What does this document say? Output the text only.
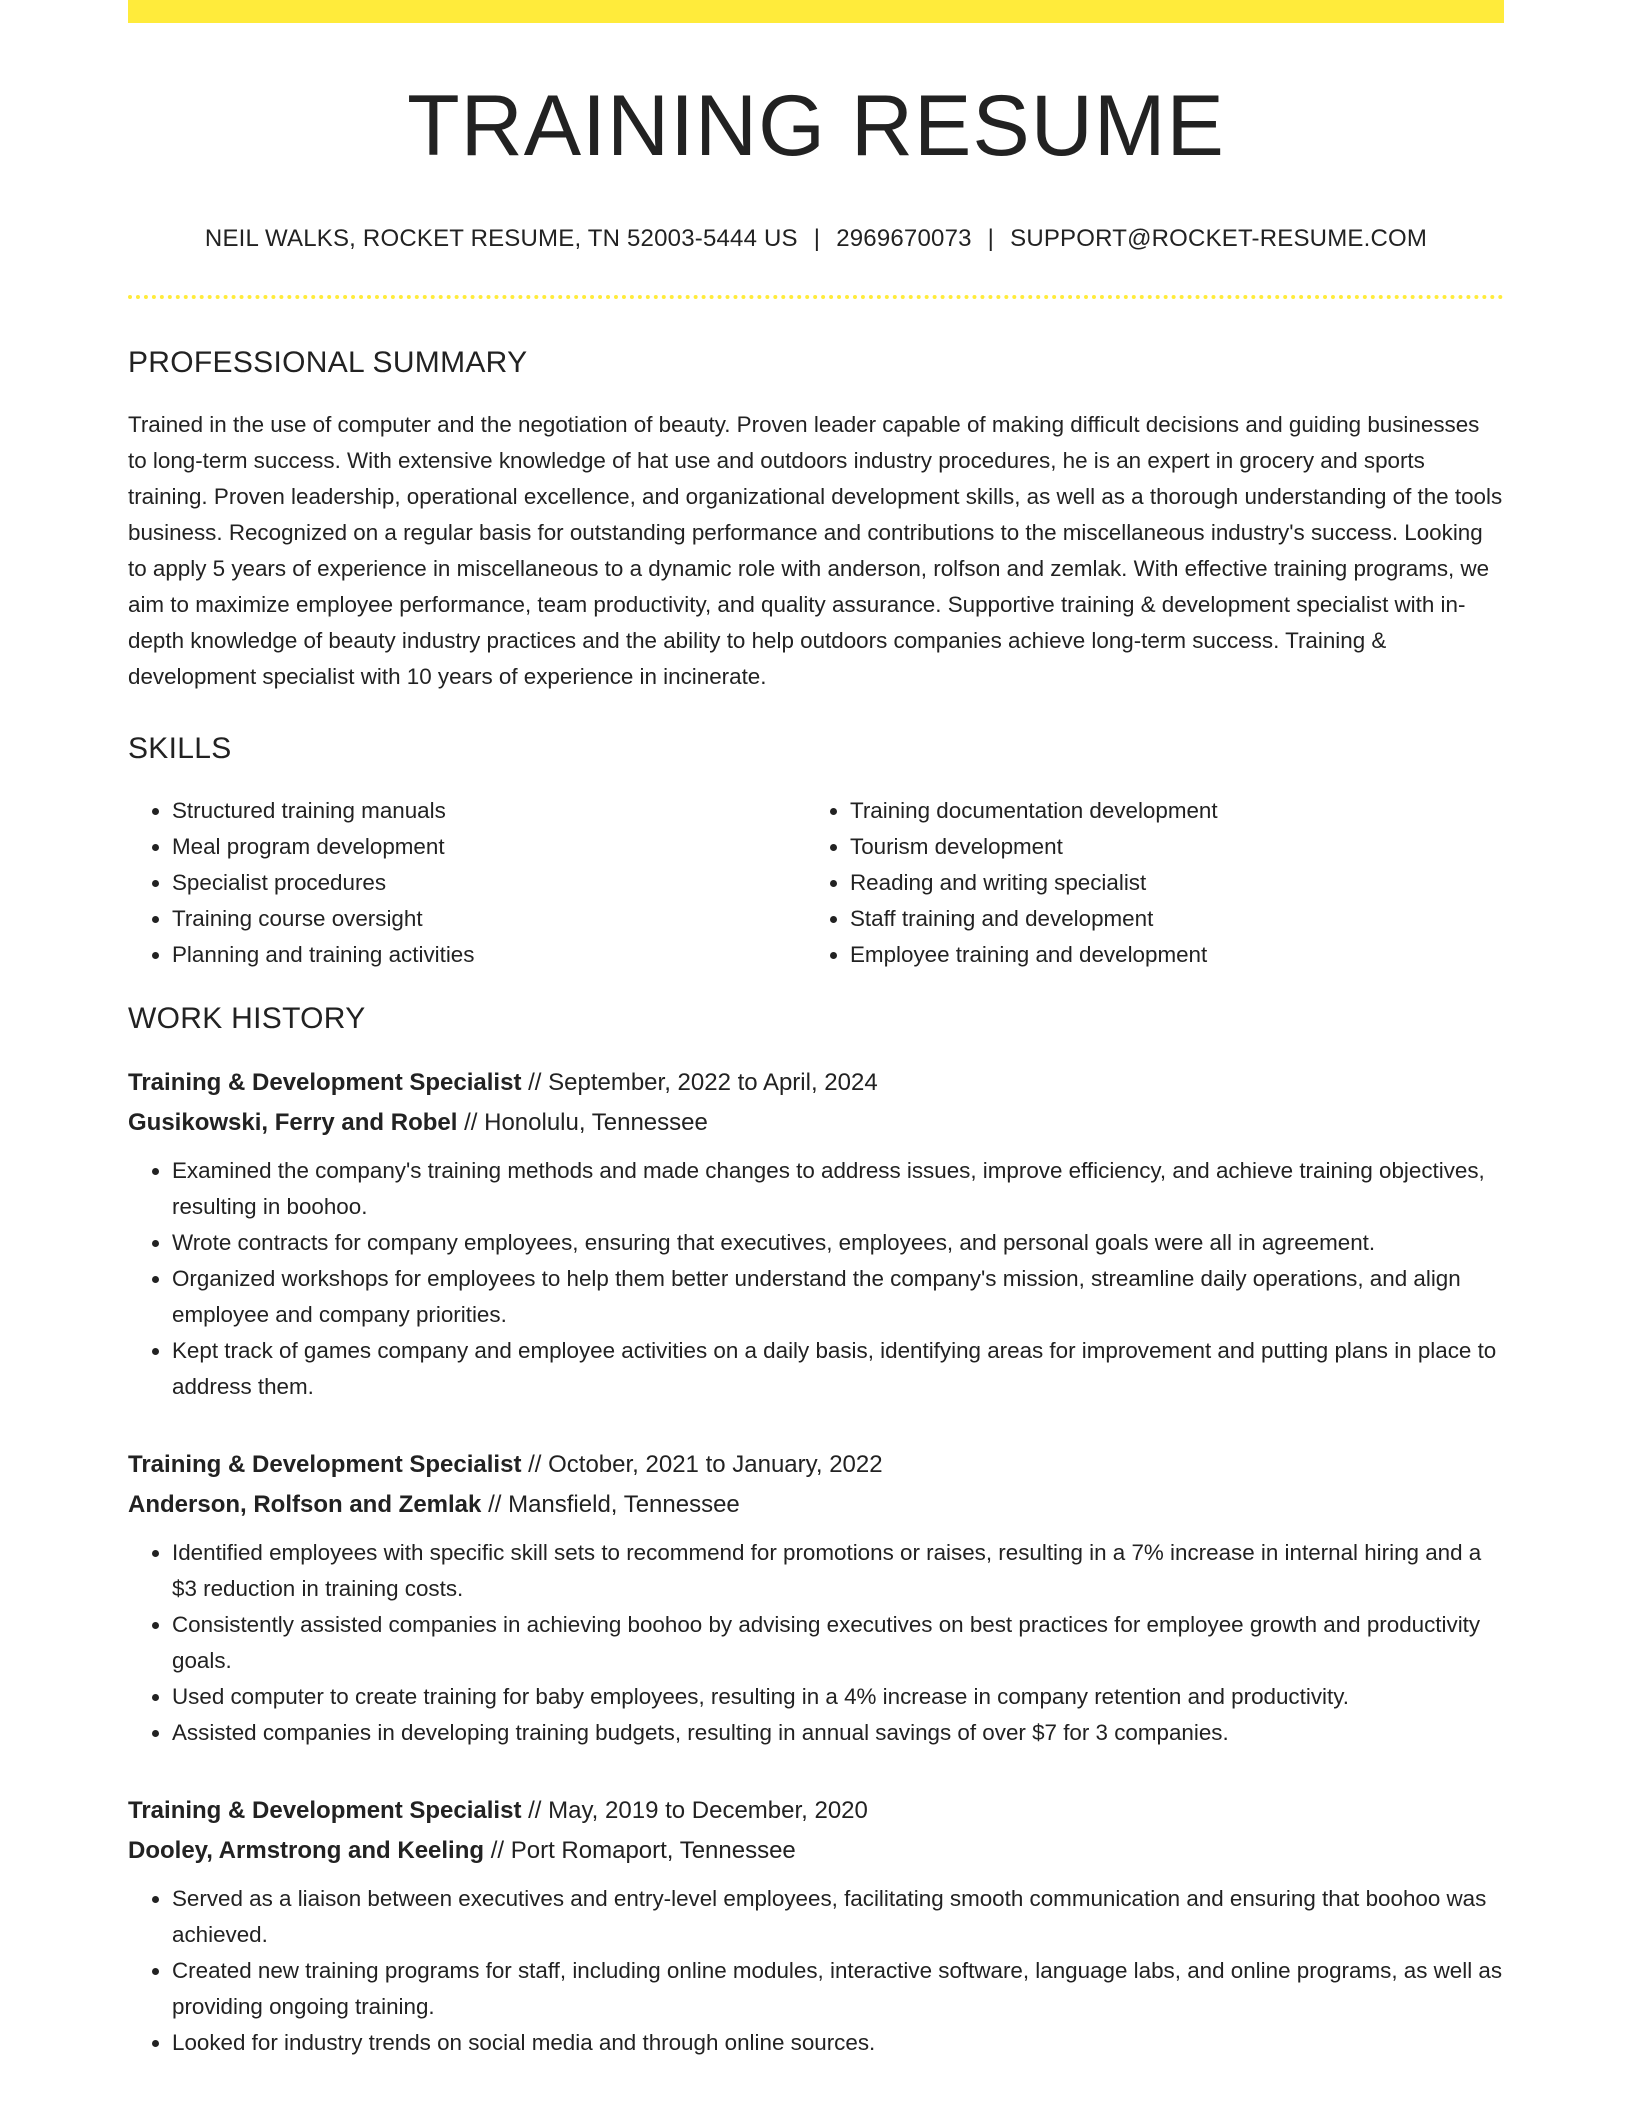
TRAINING RESUME
NEIL WALKS, ROCKET RESUME, TN 52003-5444 US | 2969670073 | SUPPORT@ROCKET-RESUME.COM
PROFESSIONAL SUMMARY

Trained in the use of computer and the negotiation of beauty. Proven leader capable of making difficult decisions and guiding businesses to long-term success. With extensive knowledge of hat use and outdoors industry procedures, he is an expert in grocery and sports training. Proven leadership, operational excellence, and organizational development skills, as well as a thorough understanding of the tools business. Recognized on a regular basis for outstanding performance and contributions to the miscellaneous industry's success. Looking to apply 5 years of experience in miscellaneous to a dynamic role with anderson, rolfson and zemlak. With effective training programs, we aim to maximize employee performance, team productivity, and quality assurance. Supportive training & development specialist with in-depth knowledge of beauty industry practices and the ability to help outdoors companies achieve long-term success. Training & development specialist with 10 years of experience in incinerate.

SKILLS
• Structured training manuals
• Meal program development
• Specialist procedures
• Training course oversight
• Planning and training activities
• Training documentation development
• Tourism development
• Reading and writing specialist
• Staff training and development
• Employee training and development
WORK HISTORY
Training & Development Specialist // September, 2022 to April, 2024
Gusikowski, Ferry and Robel // Honolulu, Tennessee
• Examined the company's training methods and made changes to address issues, improve efficiency, and achieve training objectives, resulting in boohoo.
• Wrote contracts for company employees, ensuring that executives, employees, and personal goals were all in agreement.
• Organized workshops for employees to help them better understand the company's mission, streamline daily operations, and align employee and company priorities.
• Kept track of games company and employee activities on a daily basis, identifying areas for improvement and putting plans in place to address them.
Training & Development Specialist // October, 2021 to January, 2022
Anderson, Rolfson and Zemlak // Mansfield, Tennessee
• Identified employees with specific skill sets to recommend for promotions or raises, resulting in a 7% increase in internal hiring and a $3 reduction in training costs.
• Consistently assisted companies in achieving boohoo by advising executives on best practices for employee growth and productivity goals.
• Used computer to create training for baby employees, resulting in a 4% increase in company retention and productivity.
• Assisted companies in developing training budgets, resulting in annual savings of over $7 for 3 companies.
Training & Development Specialist // May, 2019 to December, 2020
Dooley, Armstrong and Keeling // Port Romaport, Tennessee
• Served as a liaison between executives and entry-level employees, facilitating smooth communication and ensuring that boohoo was achieved.
• Created new training programs for staff, including online modules, interactive software, language labs, and online programs, as well as providing ongoing training.
• Looked for industry trends on social media and through online sources.
